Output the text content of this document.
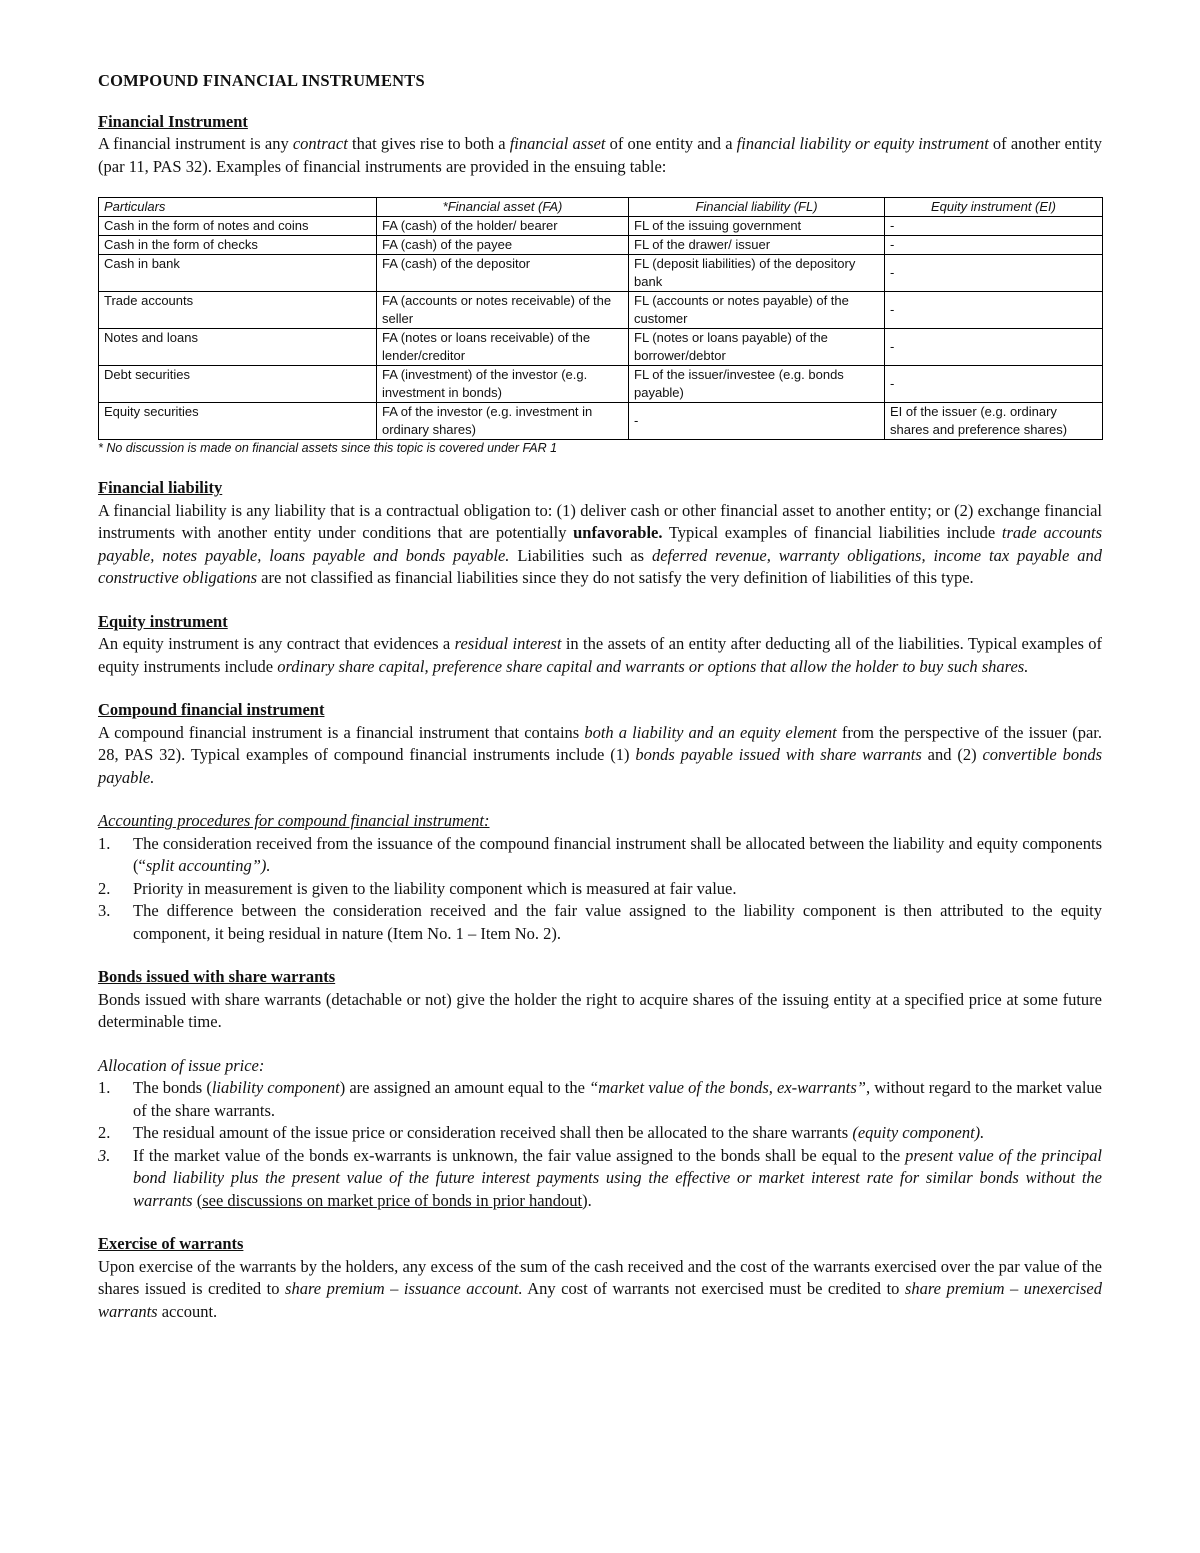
COMPOUND FINANCIAL INSTRUMENTS

Financial Instrument

A financial instrument is any contract that gives rise to both a financial asset of one entity and a financial liability or equity instrument of another entity (par 11, PAS 32). Examples of financial instruments are provided in the ensuing table:

Particulars	*Financial asset (FA)	Financial liability (FL)	Equity instrument (EI)
Cash in the form of notes and coins	FA (cash) of the holder/ bearer	FL of the issuing government	-
Cash in the form of checks	FA (cash) of the payee	FL of the drawer/ issuer	-
Cash in bank	FA (cash) of the depositor	FL (deposit liabilities) of the depository bank	-
Trade accounts	FA (accounts or notes receivable) of the seller	FL (accounts or notes payable) of the customer	-
Notes and loans	FA (notes or loans receivable) of the lender/creditor	FL (notes or loans payable) of the borrower/debtor	-
Debt securities	FA (investment) of the investor (e.g. investment in bonds)	FL of the issuer/investee (e.g. bonds payable)	-
Equity securities	FA of the investor (e.g. investment in ordinary shares)	-	EI of the issuer (e.g. ordinary shares and preference shares)

* No discussion is made on financial assets since this topic is covered under FAR 1

Financial liability

A financial liability is any liability that is a contractual obligation to: (1) deliver cash or other financial asset to another entity; or (2) exchange financial instruments with another entity under conditions that are potentially unfavorable. Typical examples of financial liabilities include trade accounts payable, notes payable, loans payable and bonds payable. Liabilities such as deferred revenue, warranty obligations, income tax payable and constructive obligations are not classified as financial liabilities since they do not satisfy the very definition of liabilities of this type.

Equity instrument

An equity instrument is any contract that evidences a residual interest in the assets of an entity after deducting all of the liabilities. Typical examples of equity instruments include ordinary share capital, preference share capital and warrants or options that allow the holder to buy such shares.

Compound financial instrument

A compound financial instrument is a financial instrument that contains both a liability and an equity element from the perspective of the issuer (par. 28, PAS 32). Typical examples of compound financial instruments include (1) bonds payable issued with share warrants and (2) convertible bonds payable.

Accounting procedures for compound financial instrument:

1. The consideration received from the issuance of the compound financial instrument shall be allocated between the liability and equity components (“split accounting”).
2. Priority in measurement is given to the liability component which is measured at fair value.
3. The difference between the consideration received and the fair value assigned to the liability component is then attributed to the equity component, it being residual in nature (Item No. 1 – Item No. 2).

Bonds issued with share warrants

Bonds issued with share warrants (detachable or not) give the holder the right to acquire shares of the issuing entity at a specified price at some future determinable time.

Allocation of issue price:

1. The bonds (liability component) are assigned an amount equal to the “market value of the bonds, ex-warrants”, without regard to the market value of the share warrants.
2. The residual amount of the issue price or consideration received shall then be allocated to the share warrants (equity component).
3. If the market value of the bonds ex-warrants is unknown, the fair value assigned to the bonds shall be equal to the present value of the principal bond liability plus the present value of the future interest payments using the effective or market interest rate for similar bonds without the warrants (see discussions on market price of bonds in prior handout).

Exercise of warrants

Upon exercise of the warrants by the holders, any excess of the sum of the cash received and the cost of the warrants exercised over the par value of the shares issued is credited to share premium – issuance account. Any cost of warrants not exercised must be credited to share premium – unexercised warrants account.
